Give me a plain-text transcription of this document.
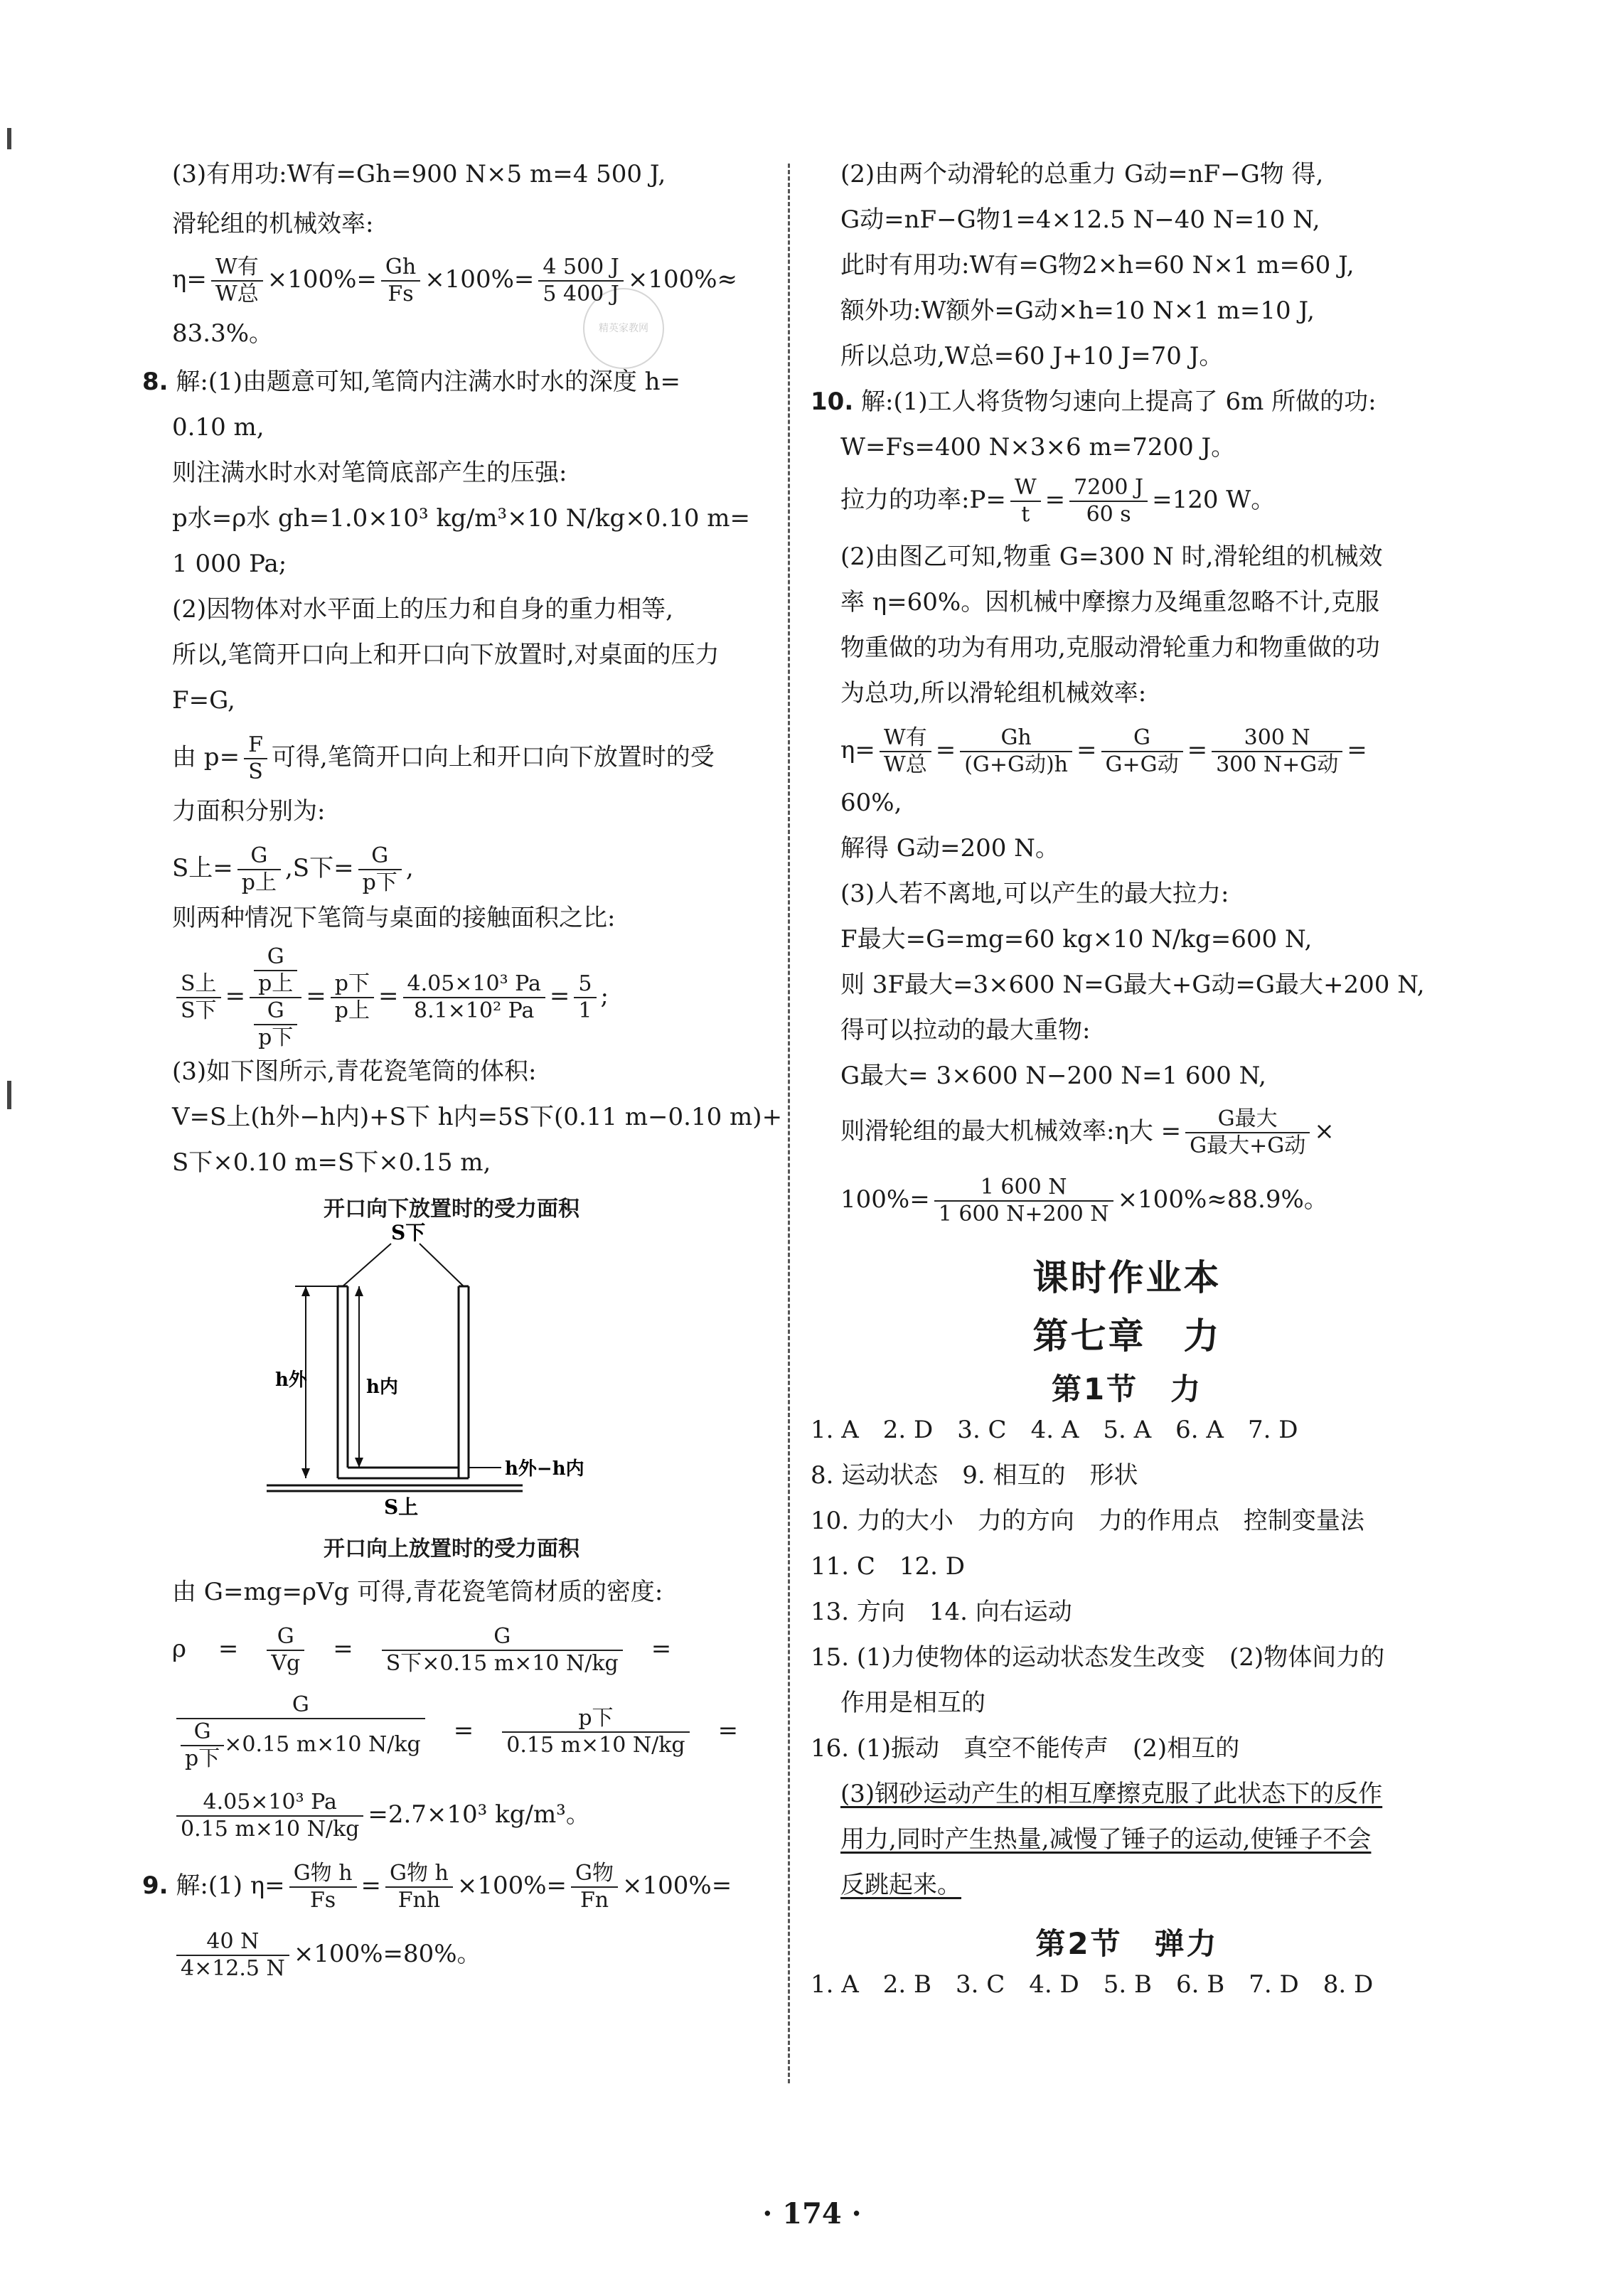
精英家教网

(3)有用功:W有=Gh=900 N×5 m=4 500 J,

滑轮组的机械效率:

$\eta= \frac{\text{W有}}{\text{W总}} \times 100\%= \frac{Gh}{Fs} \times 100\%= \frac{4 500 J}{5 400 J} \times 100\%\approx$

83.3%。

8. 解:(1)由题意可知,笔筒内注满水时水的深度 h=

0.10 m,

则注满水时水对笔筒底部产生的压强:

p水=ρ水 gh=1.0×10³ kg/m³×10 N/kg×0.10 m=

1 000 Pa;

(2)因物体对水平面上的压力和自身的重力相等,

所以,笔筒开口向上和开口向下放置时,对桌面的压力

F=G,

由 $p= \frac{F}{S}$ 可得,笔筒开口向上和开口向下放置时的受

力面积分别为:

S上= $\frac{G}{\text{p上}} ,S$下= $\frac{G}{\text{p下}}$ ,

则两种情况下笔筒与桌面的接触面积之比:

$\frac{\text{S上}}{\text{S下}} = \frac{\frac{G}{\text{p上}}}{\frac{G}{\text{p下}}} = \frac{\text{p下}}{\text{p上}} = \frac{\text{4.05×10³ Pa}}{\text{8.1×10² Pa}} = \frac{5}{1}$ ;

(3)如下图所示,青花瓷笔筒的体积:

V=S上(h外−h内)+S下 h内=5S下(0.11 m−0.10 m)+

S下×0.10 m=S下×0.15 m,

开口向下放置时的受力面积
S下
h外	h内
h外−h内
S上
开口向上放置时的受力面积

由 G=mg=ρVg 可得,青花瓷笔筒材质的密度:

ρ　 =　 $\frac{G}{Vg}$
　 =　 $\frac{G}{\text{S下×0.15 m×10 N/kg}}$
　 =

$\frac{G}{\frac{G}{\text{p下}} \times 0.15 m\times 10 N/kg}$
　 =　 $\frac{\text{p下}}{0.15 m\times 10 N/kg}$
　 =

$\frac{\text{4.05×10³ Pa}}{0.15 m\times 10 N/kg} =2.7\times 10^3$ kg/m³。

9. 解:(1) $\eta= \frac{\text{G物 h}}{Fs} = \frac{\text{G物 h}}{\text{Fnh}} \times 100\%= \frac{\text{G物}}{Fn} \times 100\%=$

$\frac{40 N}{4\times 12.5 N} \times 100\%=80\%$。

(2)由两个动滑轮的总重力 G动=nF−G物 得,

G动=nF−G物1=4×12.5 N−40 N=10 N,

此时有用功:W有=G物2×h=60 N×1 m=60 J,

额外功:W额外=G动×h=10 N×1 m=10 J,

所以总功,W总=60 J+10 J=70 J。

10. 解:(1)工人将货物匀速向上提高了 6m 所做的功:

W=Fs=400 N×3×6 m=7200 J。

拉力的功率:P= $\frac{W}{t} = \frac{7200 J}{60 s} =120$ W。

(2)由图乙可知,物重 G=300 N 时,滑轮组的机械效

率 η=60%。因机械中摩擦力及绳重忽略不计,克服

物重做的功为有用功,克服动滑轮重力和物重做的功

为总功,所以滑轮组机械效率:

$\eta= \frac{\text{W有}}{\text{W总}} = \frac{Gh}{\text{(G+G动)h}} = \frac{G}{\text{G+G动}} = \frac{300 N}{\text{300 N+G动}}$ =

60%,

解得 G动=200 N。

(3)人若不离地,可以产生的最大拉力:

F最大=G=mg=60 kg×10 N/kg=600 N,

则 3F最大=3×600 N=G最大+G动=G最大+200 N,

得可以拉动的最大重物:

G最大= 3×600 N−200 N=1 600 N,

则滑轮组的最大机械效率:η大 = $\frac{\text{G最大}}{\text{G最大+G动}}$ ×

$100\%= \frac{1 600 N}{1 600 N+200 N} \times 100\%\approx 88.9\%$。

课时作业本
第七章　力
第1节　力

1. A　2. D　3. C　4. A　5. A　6. A　7. D

8. 运动状态　9. 相互的　形状

10. 力的大小　力的方向　力的作用点　控制变量法

11. C　12. D

13. 方向　14. 向右运动

15. (1)力使物体的运动状态发生改变　(2)物体间力的

作用是相互的

16. (1)振动　真空不能传声　(2)相互的

(3)钢砂运动产生的相互摩擦克服了此状态下的反作

用力,同时产生热量,减慢了锤子的运动,使锤子不会

反跳起来。

第2节　弹力

1. A　2. B　3. C　4. D　5. B　6. B　7. D　8. D

· 174 ·
